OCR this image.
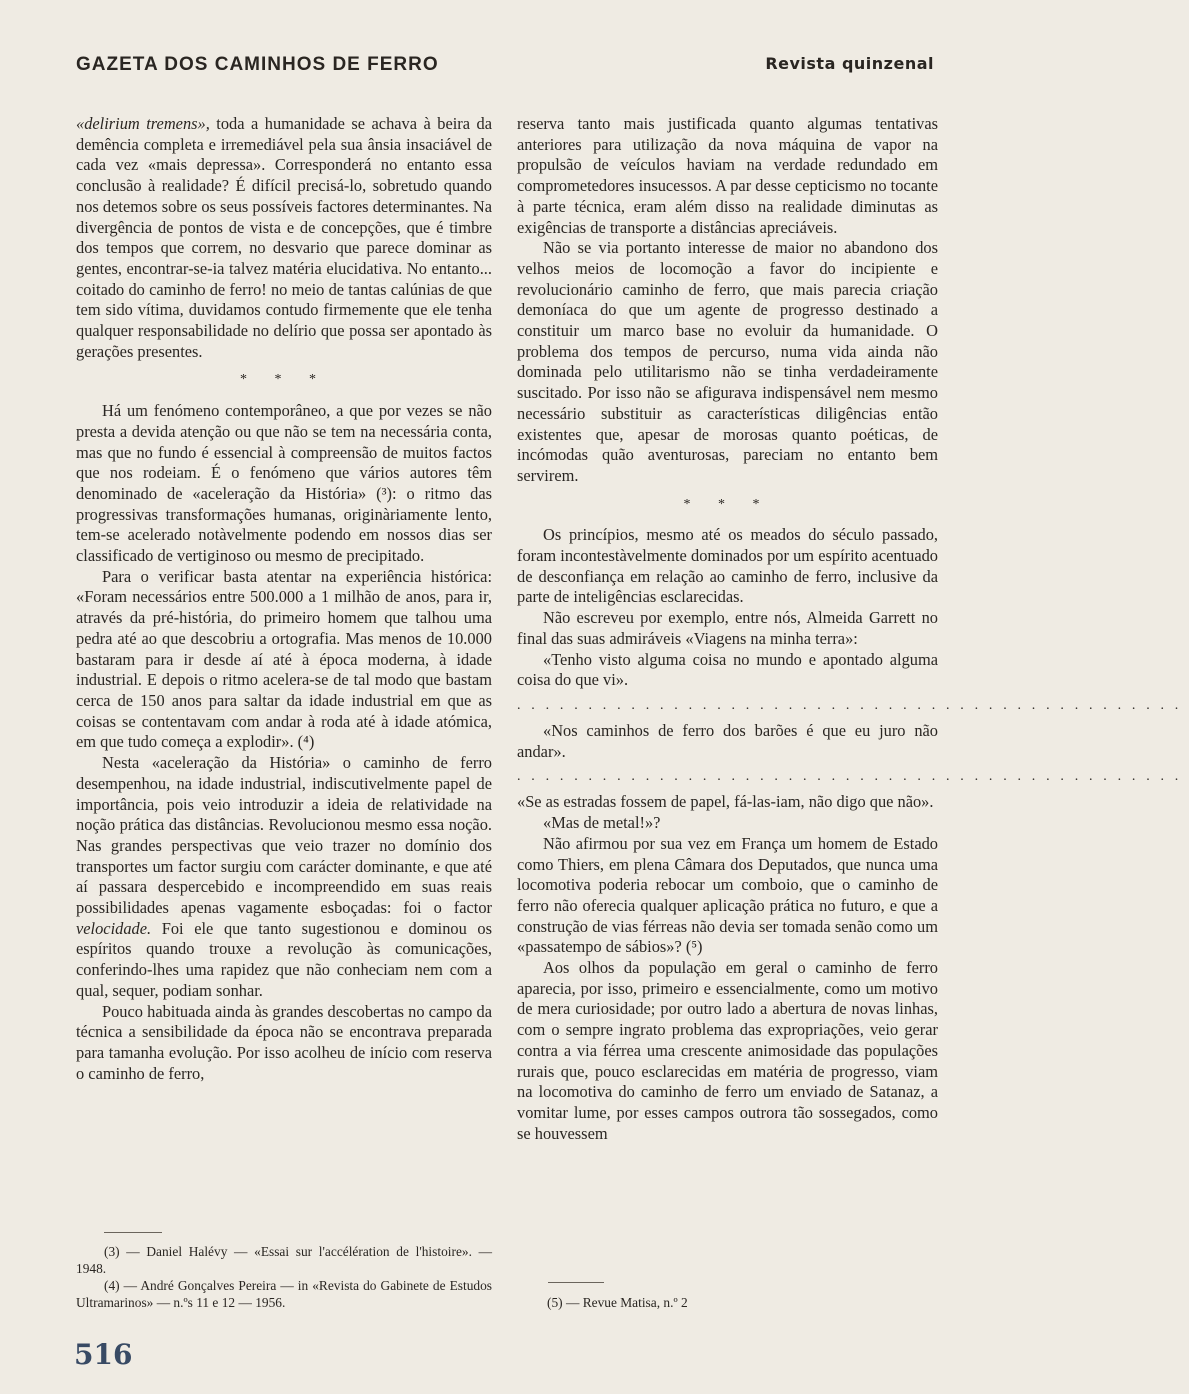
GAZETA DOS CAMINHOS DE FERRO	Revista quinzenal

«delirium tremens», toda a humanidade se achava à beira da demência completa e irremediável pela sua ânsia insaciável de cada vez «mais depressa». Corresponderá no entanto essa conclusão à realidade? É difícil precisá-lo, sobretudo quando nos detemos sobre os seus possíveis factores determinantes. Na divergência de pontos de vista e de concepções, que é timbre dos tempos que correm, no desvario que parece dominar as gentes, encontrar-se-ia talvez matéria elucidativa. No entanto... coitado do caminho de ferro! no meio de tantas calúnias de que tem sido vítima, duvidamos contudo firmemente que ele tenha qualquer responsabilidade no delírio que possa ser apontado às gerações presentes.

* * *

Há um fenómeno contemporâneo, a que por vezes se não presta a devida atenção ou que não se tem na necessária conta, mas que no fundo é essencial à compreensão de muitos factos que nos rodeiam. É o fenómeno que vários autores têm denominado de «aceleração da História» (³): o ritmo das progressivas transformações humanas, originàriamente lento, tem-se acelerado notàvelmente podendo em nossos dias ser classificado de vertiginoso ou mesmo de precipitado.

Para o verificar basta atentar na experiência histórica: «Foram necessários entre 500.000 a 1 milhão de anos, para ir, através da pré-história, do primeiro homem que talhou uma pedra até ao que descobriu a ortografia. Mas menos de 10.000 bastaram para ir desde aí até à época moderna, à idade industrial. E depois o ritmo acelera-se de tal modo que bastam cerca de 150 anos para saltar da idade industrial em que as coisas se contentavam com andar à roda até à idade atómica, em que tudo começa a explodir». (⁴)

Nesta «aceleração da História» o caminho de ferro desempenhou, na idade industrial, indiscutivelmente papel de importância, pois veio introduzir a ideia de relatividade na noção prática das distâncias. Revolucionou mesmo essa noção. Nas grandes perspectivas que veio trazer no domínio dos transportes um factor surgiu com carácter dominante, e que até aí passara despercebido e incompreendido em suas reais possibilidades apenas vagamente esboçadas: foi o factor velocidade. Foi ele que tanto sugestionou e dominou os espíritos quando trouxe a revolução às comunicações, conferindo-lhes uma rapidez que não conheciam nem com a qual, sequer, podiam sonhar.

Pouco habituada ainda às grandes descobertas no campo da técnica a sensibilidade da época não se encontrava preparada para tamanha evolução. Por isso acolheu de início com reserva o caminho de ferro,

reserva tanto mais justificada quanto algumas tentativas anteriores para utilização da nova máquina de vapor na propulsão de veículos haviam na verdade redundado em comprometedores insucessos. A par desse cepticismo no tocante à parte técnica, eram além disso na realidade diminutas as exigências de transporte a distâncias apreciáveis.

Não se via portanto interesse de maior no abandono dos velhos meios de locomoção a favor do incipiente e revolucionário caminho de ferro, que mais parecia criação demoníaca do que um agente de progresso destinado a constituir um marco base no evoluir da humanidade. O problema dos tempos de percurso, numa vida ainda não dominada pelo utilitarismo não se tinha verdadeiramente suscitado. Por isso não se afigurava indispensável nem mesmo necessário substituir as características diligências então existentes que, apesar de morosas quanto poéticas, de incómodas quão aventurosas, pareciam no entanto bem servirem.

* * *

Os princípios, mesmo até os meados do século passado, foram incontestàvelmente dominados por um espírito acentuado de desconfiança em relação ao caminho de ferro, inclusive da parte de inteligências esclarecidas.

Não escreveu por exemplo, entre nós, Almeida Garrett no final das suas admiráveis «Viagens na minha terra»:

«Tenho visto alguma coisa no mundo e apontado alguma coisa do que vi».

...............................................

«Nos caminhos de ferro dos barões é que eu juro não andar».

...............................................

«Se as estradas fossem de papel, fá-las-iam, não digo que não».

«Mas de metal!»?

Não afirmou por sua vez em França um homem de Estado como Thiers, em plena Câmara dos Deputados, que nunca uma locomotiva poderia rebocar um comboio, que o caminho de ferro não oferecia qualquer aplicação prática no futuro, e que a construção de vias férreas não devia ser tomada senão como um «passatempo de sábios»? (⁵)

Aos olhos da população em geral o caminho de ferro aparecia, por isso, primeiro e essencialmente, como um motivo de mera curiosidade; por outro lado a abertura de novas linhas, com o sempre ingrato problema das expropriações, veio gerar contra a via férrea uma crescente animosidade das populações rurais que, pouco esclarecidas em matéria de progresso, viam na locomotiva do caminho de ferro um enviado de Satanaz, a vomitar lume, por esses campos outrora tão sossegados, como se houvessem

(3) — Daniel Halévy — «Essai sur l'accélération de l'histoire». — 1948.

(4) — André Gonçalves Pereira — in «Revista do Gabinete de Estudos Ultramarinos» — n.ºs 11 e 12 — 1956.	(5) — Revue Matisa, n.º 2

516
